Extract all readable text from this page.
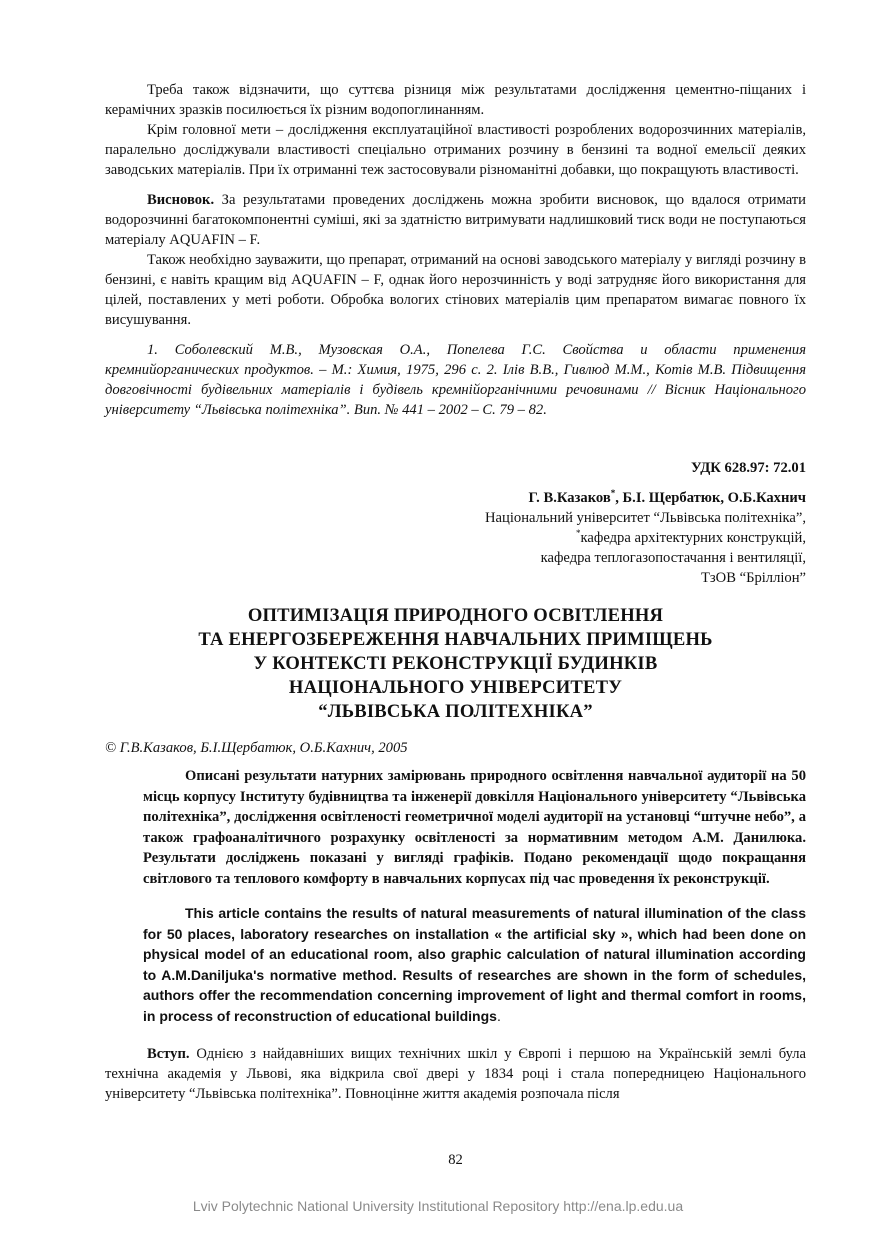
Треба також відзначити, що суттєва різниця між результатами дослідження цементно-піщаних і керамічних зразків посилюється їх різним водопоглинанням.

Крім головної мети – дослідження експлуатаційної властивості розроблених водорозчинних матеріалів, паралельно досліджували властивості спеціально отриманих розчину в бензині та водної емельсії деяких заводських матеріалів. При їх отриманні теж застосовували різноманітні добавки, що покращують властивості.

Висновок. За результатами проведених досліджень можна зробити висновок, що вдалося отримати водорозчинні багатокомпонентні суміші, які за здатністю витримувати надлишковий тиск води не поступаються матеріалу AQUAFIN – F.

Також необхідно зауважити, що препарат, отриманий на основі заводського матеріалу у вигляді розчину в бензині, є навіть кращим від AQUAFIN – F, однак його нерозчинність у воді затрудняє його використання для цілей, поставлених у меті роботи. Обробка вологих стінових матеріалів цим препаратом вимагає повного їх висушування.

1. Соболевский М.В., Музовская О.А., Попелева Г.С. Свойства и области применения кремнийорганических продуктов. – М.: Химия, 1975, 296 с. 2. Ілів В.В., Гивлюд М.М., Котів М.В. Підвищення довговічності будівельних матеріалів і будівель кремнійорганічними речовинами // Вісник Національного університету “Львівська політехніка”. Вип. № 441 – 2002 – С. 79 – 82.

УДК 628.97: 72.01

Г. В.Казаков*, Б.І. Щербатюк, О.Б.Кахнич

Національний університет “Львівська політехніка”,

*кафедра архітектурних конструкцій,

кафедра теплогазопостачання і вентиляції,

ТзОВ “Брілліон”

ОПТИМІЗАЦІЯ ПРИРОДНОГО ОСВІТЛЕННЯ
ТА ЕНЕРГОЗБЕРЕЖЕННЯ НАВЧАЛЬНИХ ПРИМІЩЕНЬ
У КОНТЕКСТІ РЕКОНСТРУКЦІЇ БУДИНКІВ
НАЦІОНАЛЬНОГО УНІВЕРСИТЕТУ
“ЛЬВІВСЬКА ПОЛІТЕХНІКА”

© Г.В.Казаков, Б.І.Щербатюк, О.Б.Кахнич, 2005

Описані результати натурних замірювань природного освітлення навчальної аудиторії на 50 місць корпусу Інституту будівництва та інженерії довкілля Національного університету “Львівська політехніка”, дослідження освітленості геометричної моделі аудиторії на установці “штучне небо”, а також графоаналітичного розрахунку освітленості за нормативним методом А.М. Данилюка. Результати досліджень показані у вигляді графіків. Подано рекомендації щодо покращання світлового та теплового комфорту в навчальних корпусах під час проведення їх реконструкції.

This article contains the results of natural measurements of natural illumination of the class for 50 places, laboratory researches on installation « the artificial sky », which had been done on physical model of an educational room, also graphic calculation of natural illumination according to A.M.Daniljuka's normative method. Results of researches are shown in the form of schedules, authors offer the recommendation concerning improvement of light and thermal comfort in rooms, in process of reconstruction of educational buildings.

Вступ. Однією з найдавніших вищих технічних шкіл у Європі і першою на Українській землі була технічна академія у Львові, яка відкрила свої двері у 1834 році і стала попередницею Національного університету “Львівська політехніка”. Повноцінне життя академія розпочала після

82

Lviv Polytechnic National University Institutional Repository http://ena.lp.edu.ua
